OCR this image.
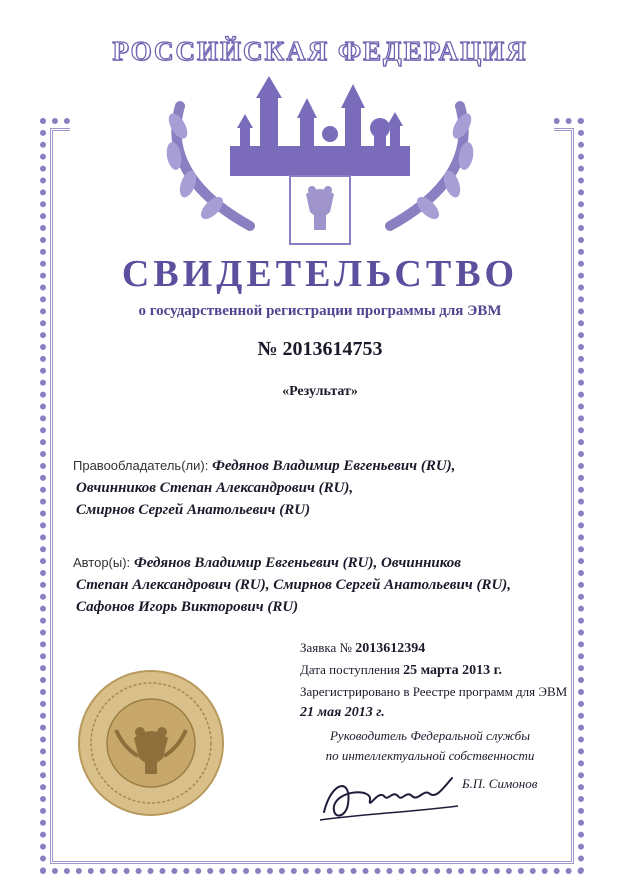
РОССИЙСКАЯ ФЕДЕРАЦИЯ
СВИДЕТЕЛЬСТВО
о государственной регистрации программы для ЭВМ
№ 2013614753
«Результат»
Правообладатель(ли): Федянов Владимир Евгеньевич (RU),
Овчинников Степан Александрович (RU),
Смирнов Сергей Анатольевич (RU)
Автор(ы): Федянов Владимир Евгеньевич (RU), Овчинников
Степан Александрович (RU), Смирнов Сергей Анатольевич (RU),
Сафонов Игорь Викторович (RU)
Заявка № 2013612394
Дата поступления 25 марта 2013 г.
Зарегистрировано в Реестре программ для ЭВМ
21 мая 2013 г.
Руководитель Федеральной службы
по интеллектуальной собственности
Б.П. Симонов
